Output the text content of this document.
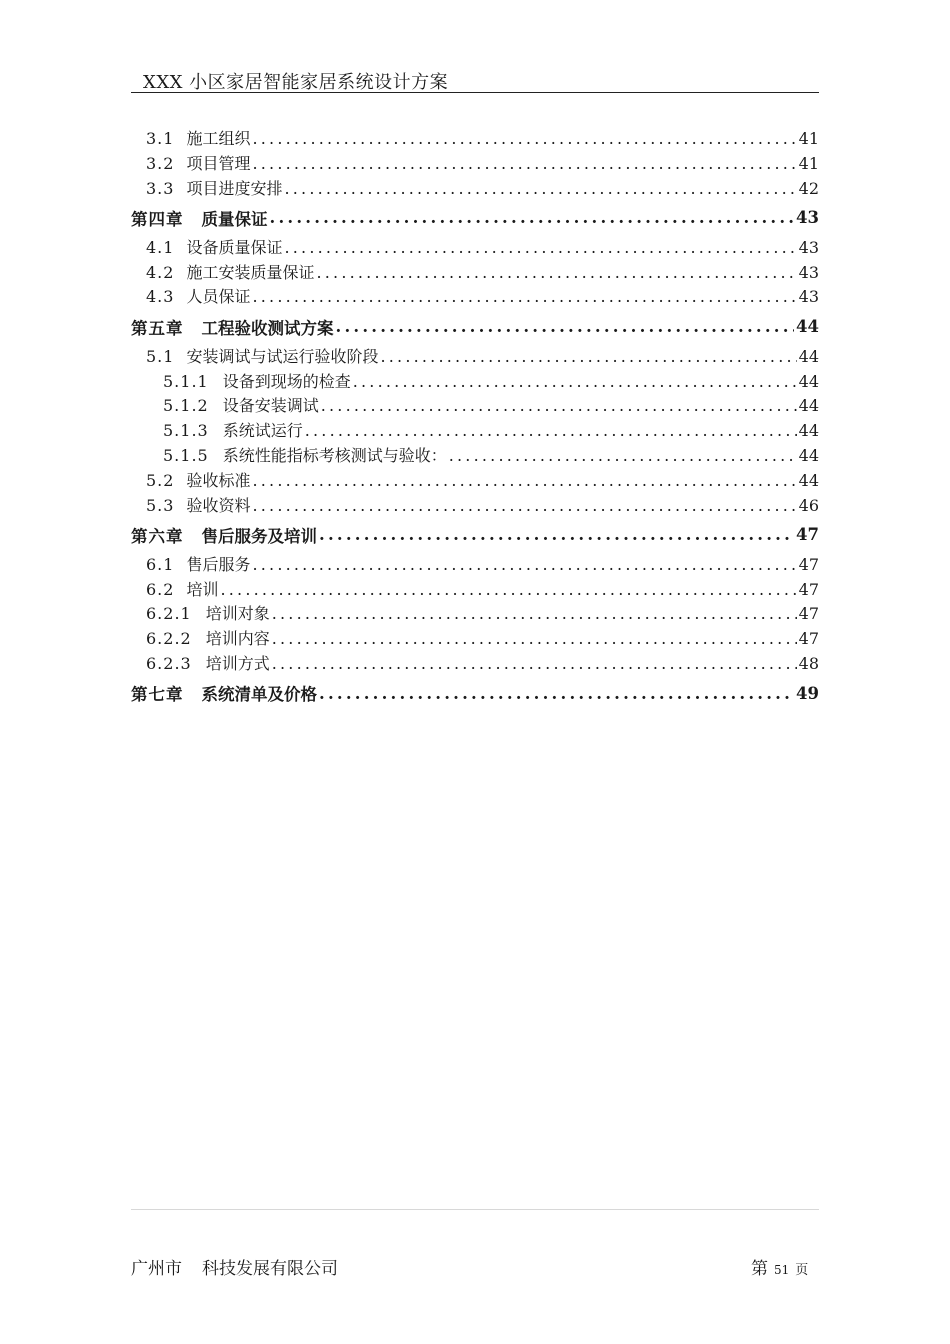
XXX 小区家居智能家居系统设计方案
3.1 施工组织 .....	41
3.2 项目管理 .....	41
3.3 项目进度安排 .....	42
第四章 质量保证 .....	43
4.1 设备质量保证 .....	43
4.2 施工安装质量保证 .....	43
4.3 人员保证 .....	43
第五章 工程验收测试方案 .....	44
5.1 安装调试与试运行验收阶段 .....	44
5.1.1 设备到现场的检查 .....	44
5.1.2 设备安装调试 .....	44
5.1.3 系统试运行 .....	44
5.1.5 系统性能指标考核测试与验收： .....	44
5.2 验收标准 .....	44
5.3 验收资料 .....	46
第六章 售后服务及培训 .....	47
6.1 售后服务 .....	47
6.2 培训 .....	47
6.2.1 培训对象 .....	47
6.2.2 培训内容 .....	47
6.2.3 培训方式 .....	48
第七章 系统清单及价格 .....	49
广州市 科技发展有限公司	第 51 页
